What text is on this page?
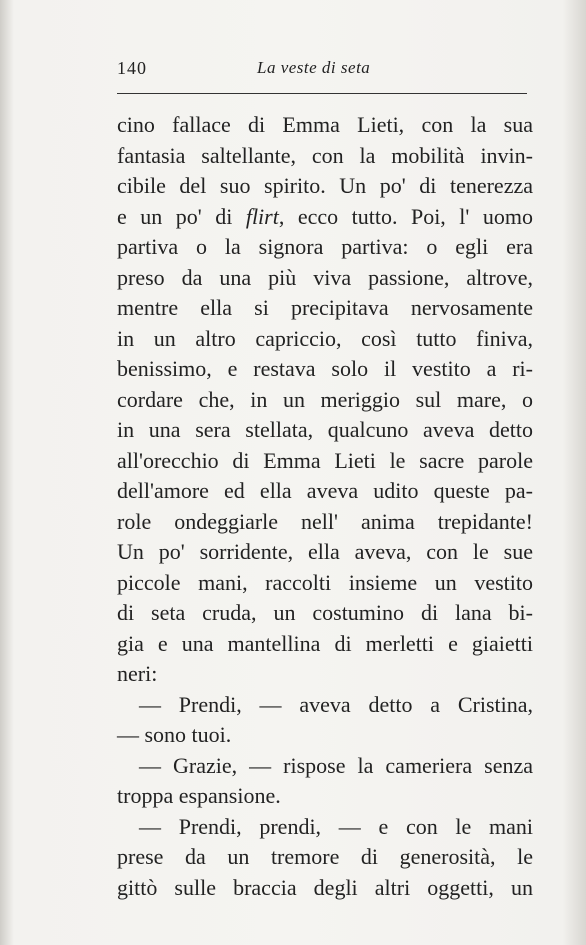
140	La veste di seta
cino fallace di Emma Lieti, con la sua
fantasia saltellante, con la mobilità invin-
cibile del suo spirito. Un po' di tenerezza
e un po' di flirt, ecco tutto. Poi, l' uomo
partiva o la signora partiva: o egli era
preso da una più viva passione, altrove,
mentre ella si precipitava nervosamente
in un altro capriccio, così tutto finiva,
benissimo, e restava solo il vestito a ri-
cordare che, in un meriggio sul mare, o
in una sera stellata, qualcuno aveva detto
all'orecchio di Emma Lieti le sacre parole
dell'amore ed ella aveva udito queste pa-
role ondeggiarle nell' anima trepidante!
Un po' sorridente, ella aveva, con le sue
piccole mani, raccolti insieme un vestito
di seta cruda, un costumino di lana bi-
gia e una mantellina di merletti e giaietti
neri:
— Prendi, — aveva detto a Cristina,
— sono tuoi.
— Grazie, — rispose la cameriera senza
troppa espansione.
— Prendi, prendi, — e con le mani
prese da un tremore di generosità, le
gittò sulle braccia degli altri oggetti, un
